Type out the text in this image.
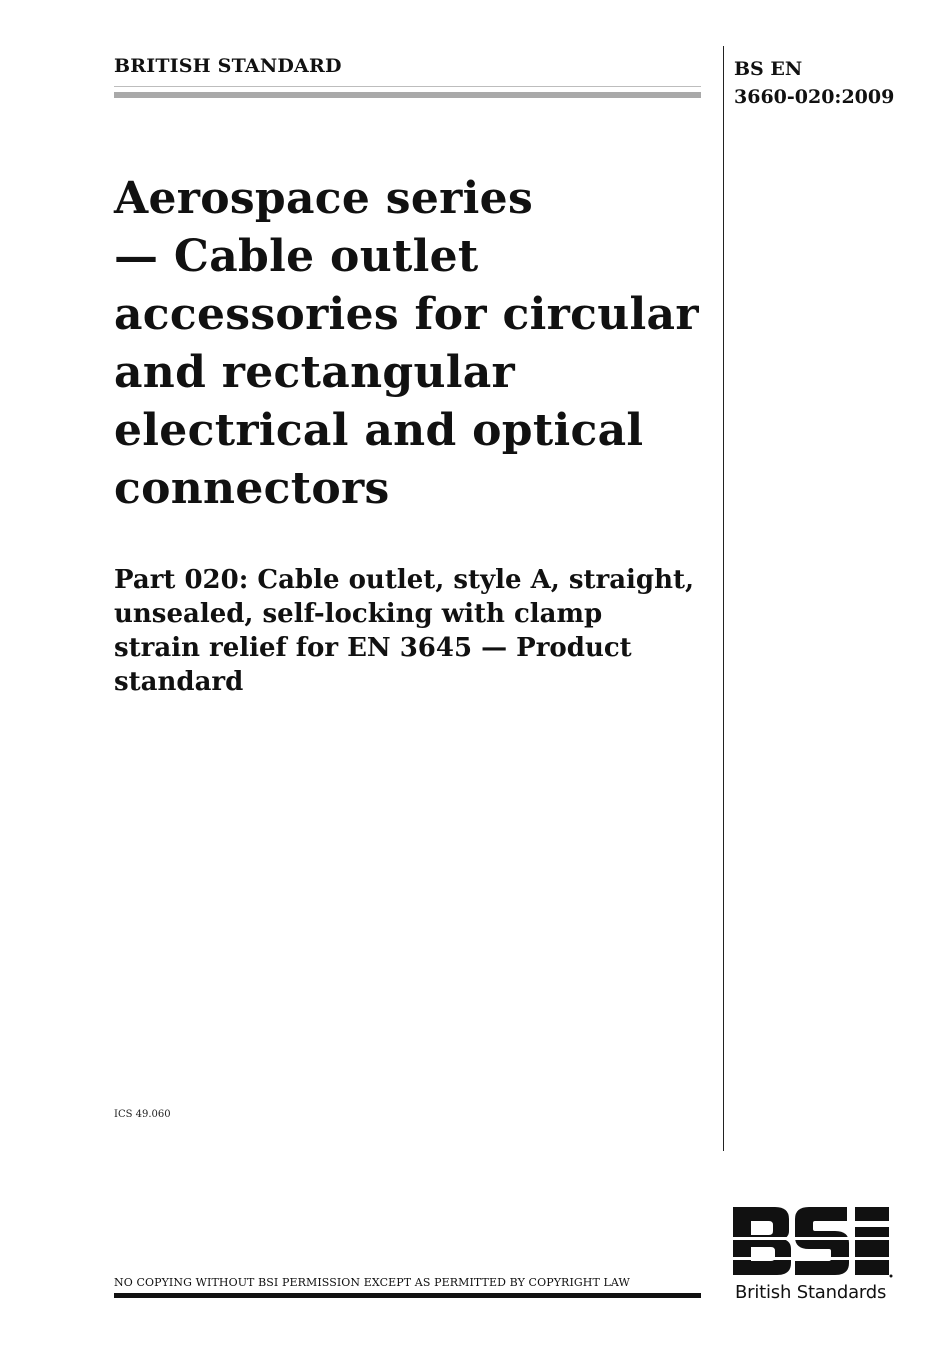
BRITISH STANDARD	BS EN
3660-020:2009
Aerospace series
— Cable outlet
accessories for circular
and rectangular
electrical and optical
connectors
Part 020: Cable outlet, style A, straight,
unsealed, self-locking with clamp
strain relief for EN 3645 — Product
standard
ICS 49.060
NO COPYING WITHOUT BSI PERMISSION EXCEPT AS PERMITTED BY COPYRIGHT LAW	British Standards
